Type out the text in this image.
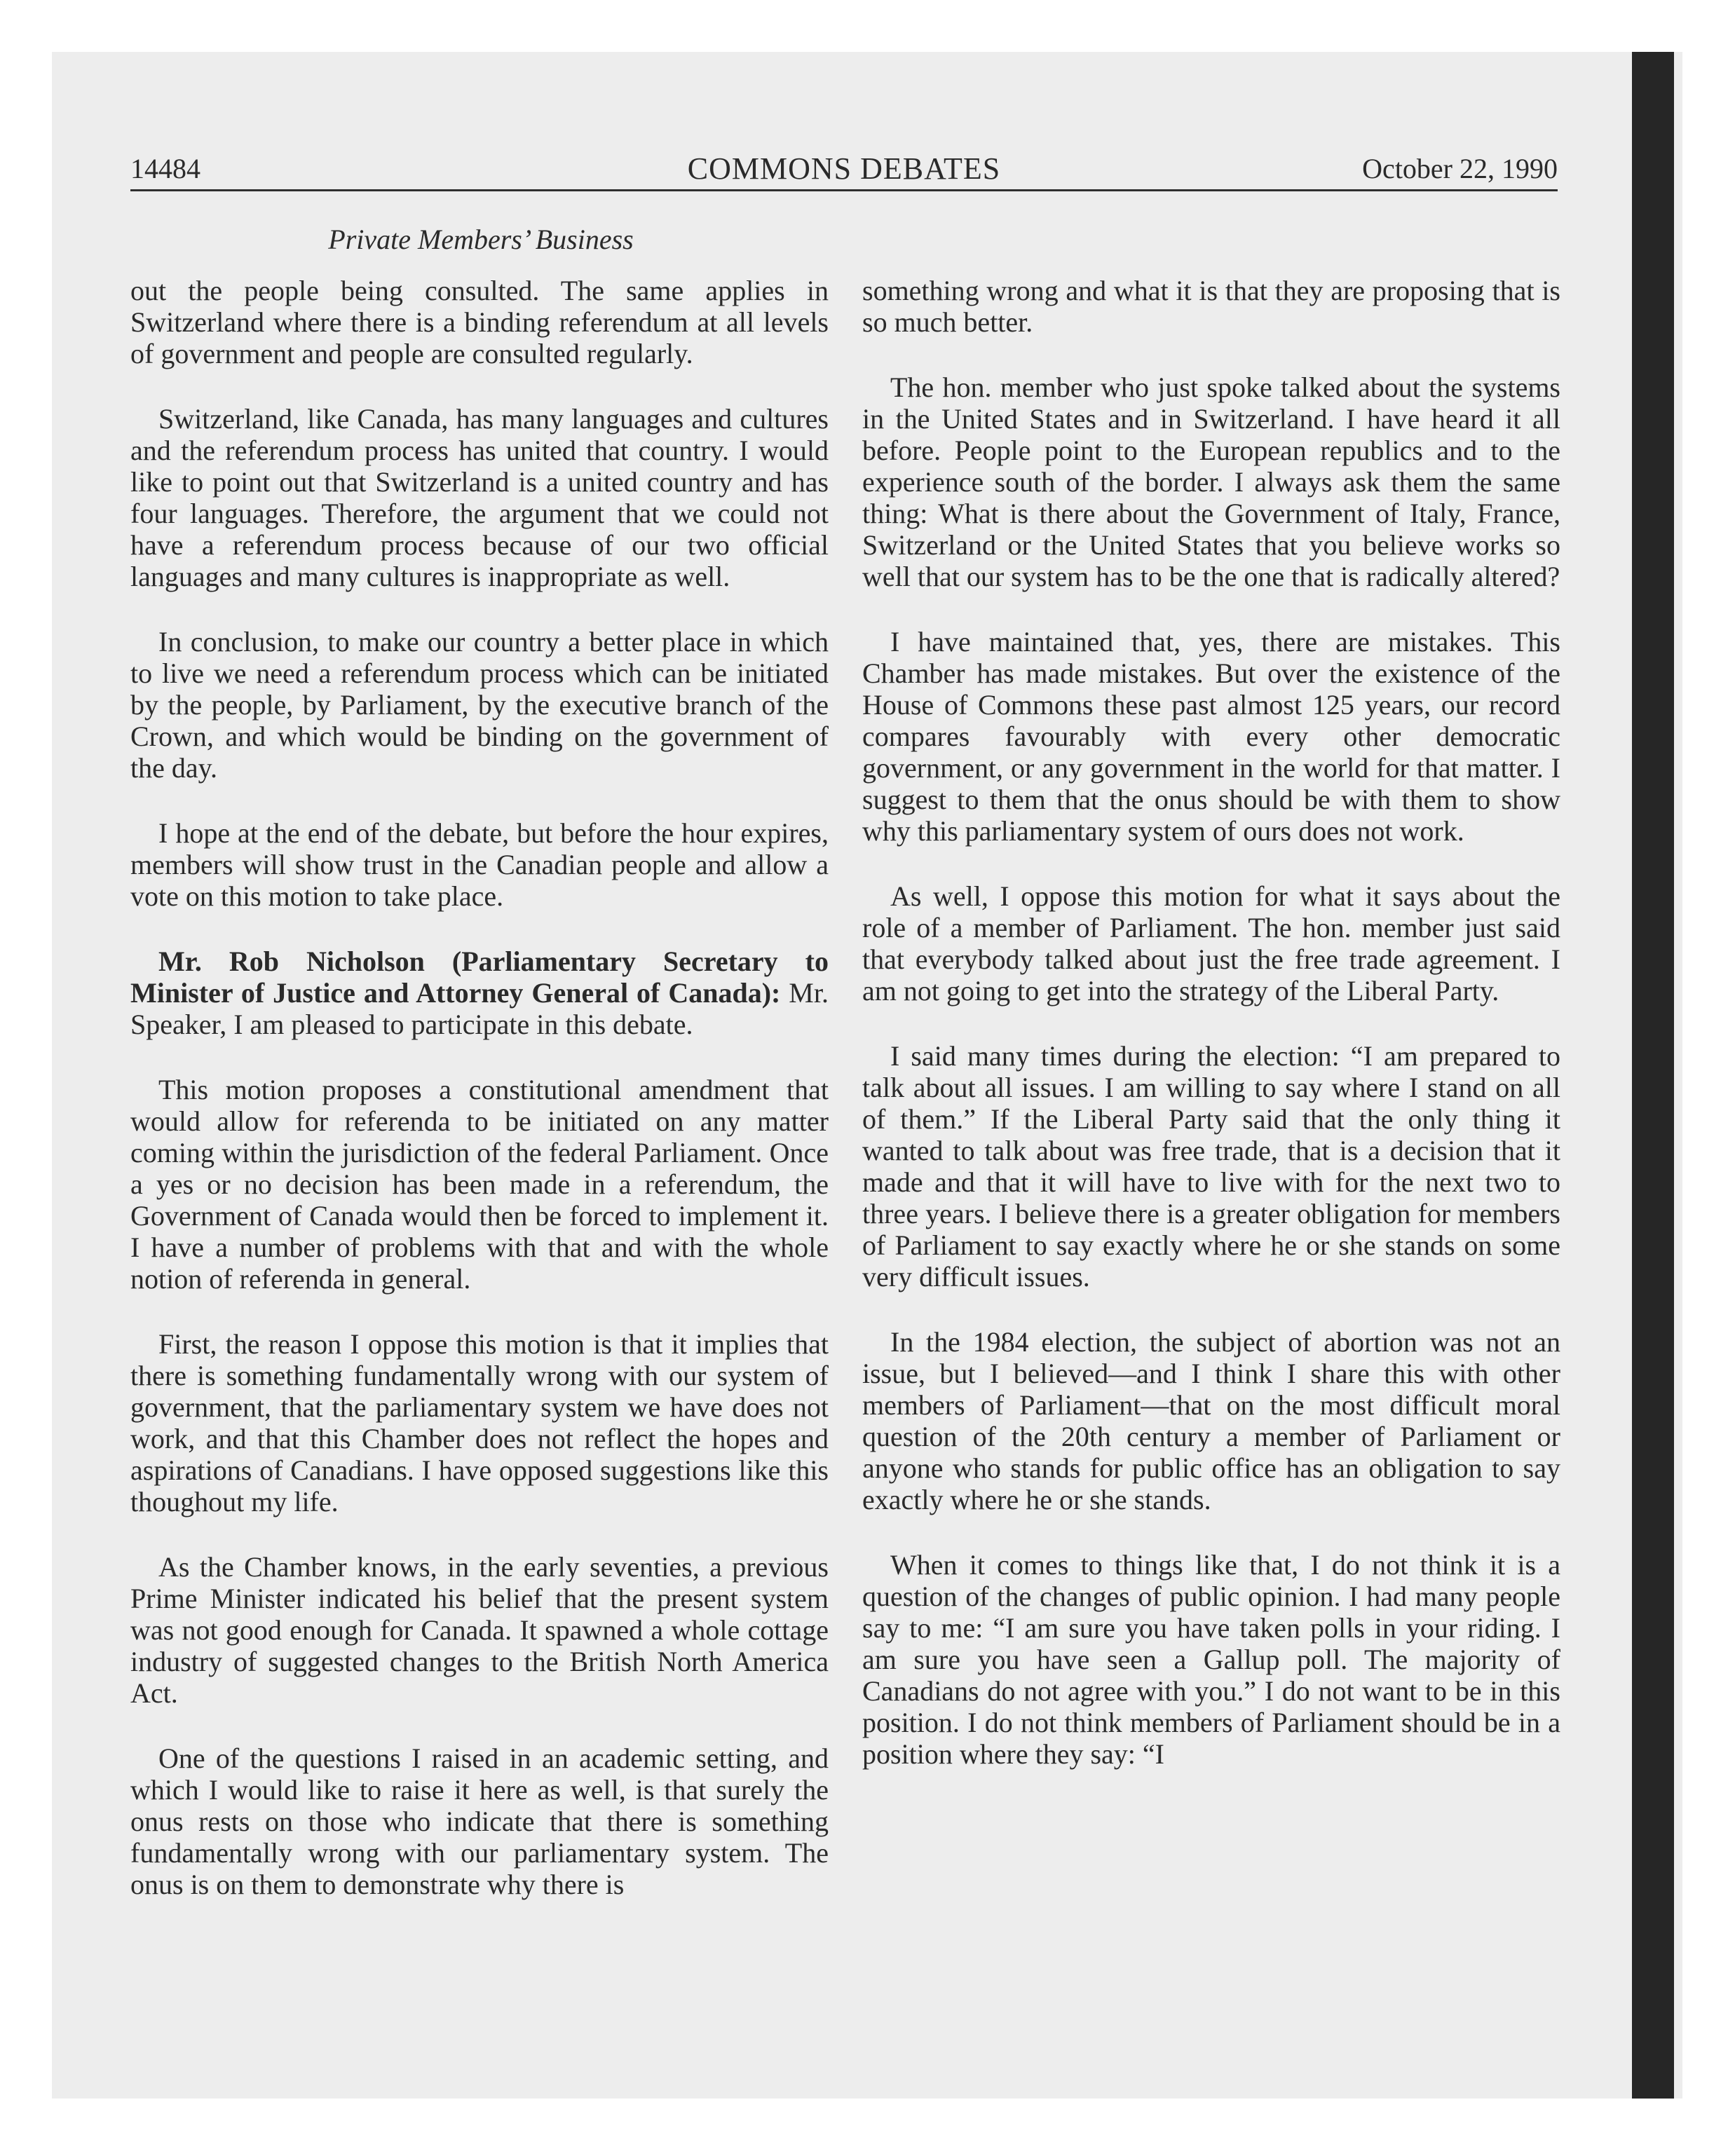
14484	COMMONS DEBATES	October 22, 1990
Private Members’ Business

out the people being consulted. The same applies in Switzerland where there is a binding referendum at all levels of government and people are consulted regularly.

Switzerland, like Canada, has many languages and cultures and the referendum process has united that country. I would like to point out that Switzerland is a united country and has four languages. Therefore, the argument that we could not have a referendum process because of our two official languages and many cultures is inappropriate as well.

In conclusion, to make our country a better place in which to live we need a referendum process which can be initiated by the people, by Parliament, by the executive branch of the Crown, and which would be binding on the government of the day.

I hope at the end of the debate, but before the hour expires, members will show trust in the Canadian people and allow a vote on this motion to take place.

Mr. Rob Nicholson (Parliamentary Secretary to Minister of Justice and Attorney General of Canada): Mr. Speaker, I am pleased to participate in this debate.

This motion proposes a constitutional amendment that would allow for referenda to be initiated on any matter coming within the jurisdiction of the federal Parliament. Once a yes or no decision has been made in a referendum, the Government of Canada would then be forced to implement it. I have a number of problems with that and with the whole notion of referenda in general.

First, the reason I oppose this motion is that it implies that there is something fundamentally wrong with our system of government, that the parliamentary system we have does not work, and that this Chamber does not reflect the hopes and aspirations of Canadians. I have opposed suggestions like this thoughout my life.

As the Chamber knows, in the early seventies, a previous Prime Minister indicated his belief that the present system was not good enough for Canada. It spawned a whole cottage industry of suggested changes to the British North America Act.

One of the questions I raised in an academic setting, and which I would like to raise it here as well, is that surely the onus rests on those who indicate that there is something fundamentally wrong with our parliamentary system. The onus is on them to demonstrate why there is

something wrong and what it is that they are proposing that is so much better.

The hon. member who just spoke talked about the systems in the United States and in Switzerland. I have heard it all before. People point to the European republics and to the experience south of the border. I always ask them the same thing: What is there about the Government of Italy, France, Switzerland or the United States that you believe works so well that our system has to be the one that is radically altered?

I have maintained that, yes, there are mistakes. This Chamber has made mistakes. But over the existence of the House of Commons these past almost 125 years, our record compares favourably with every other democratic government, or any government in the world for that matter. I suggest to them that the onus should be with them to show why this parliamentary system of ours does not work.

As well, I oppose this motion for what it says about the role of a member of Parliament. The hon. member just said that everybody talked about just the free trade agreement. I am not going to get into the strategy of the Liberal Party.

I said many times during the election: “I am prepared to talk about all issues. I am willing to say where I stand on all of them.” If the Liberal Party said that the only thing it wanted to talk about was free trade, that is a decision that it made and that it will have to live with for the next two to three years. I believe there is a greater obligation for members of Parliament to say exactly where he or she stands on some very difficult issues.

In the 1984 election, the subject of abortion was not an issue, but I believed—and I think I share this with other members of Parliament—that on the most difficult moral question of the 20th century a member of Parliament or anyone who stands for public office has an obligation to say exactly where he or she stands.

When it comes to things like that, I do not think it is a question of the changes of public opinion. I had many people say to me: “I am sure you have taken polls in your riding. I am sure you have seen a Gallup poll. The majority of Canadians do not agree with you.” I do not want to be in this position. I do not think members of Parliament should be in a position where they say: “I
